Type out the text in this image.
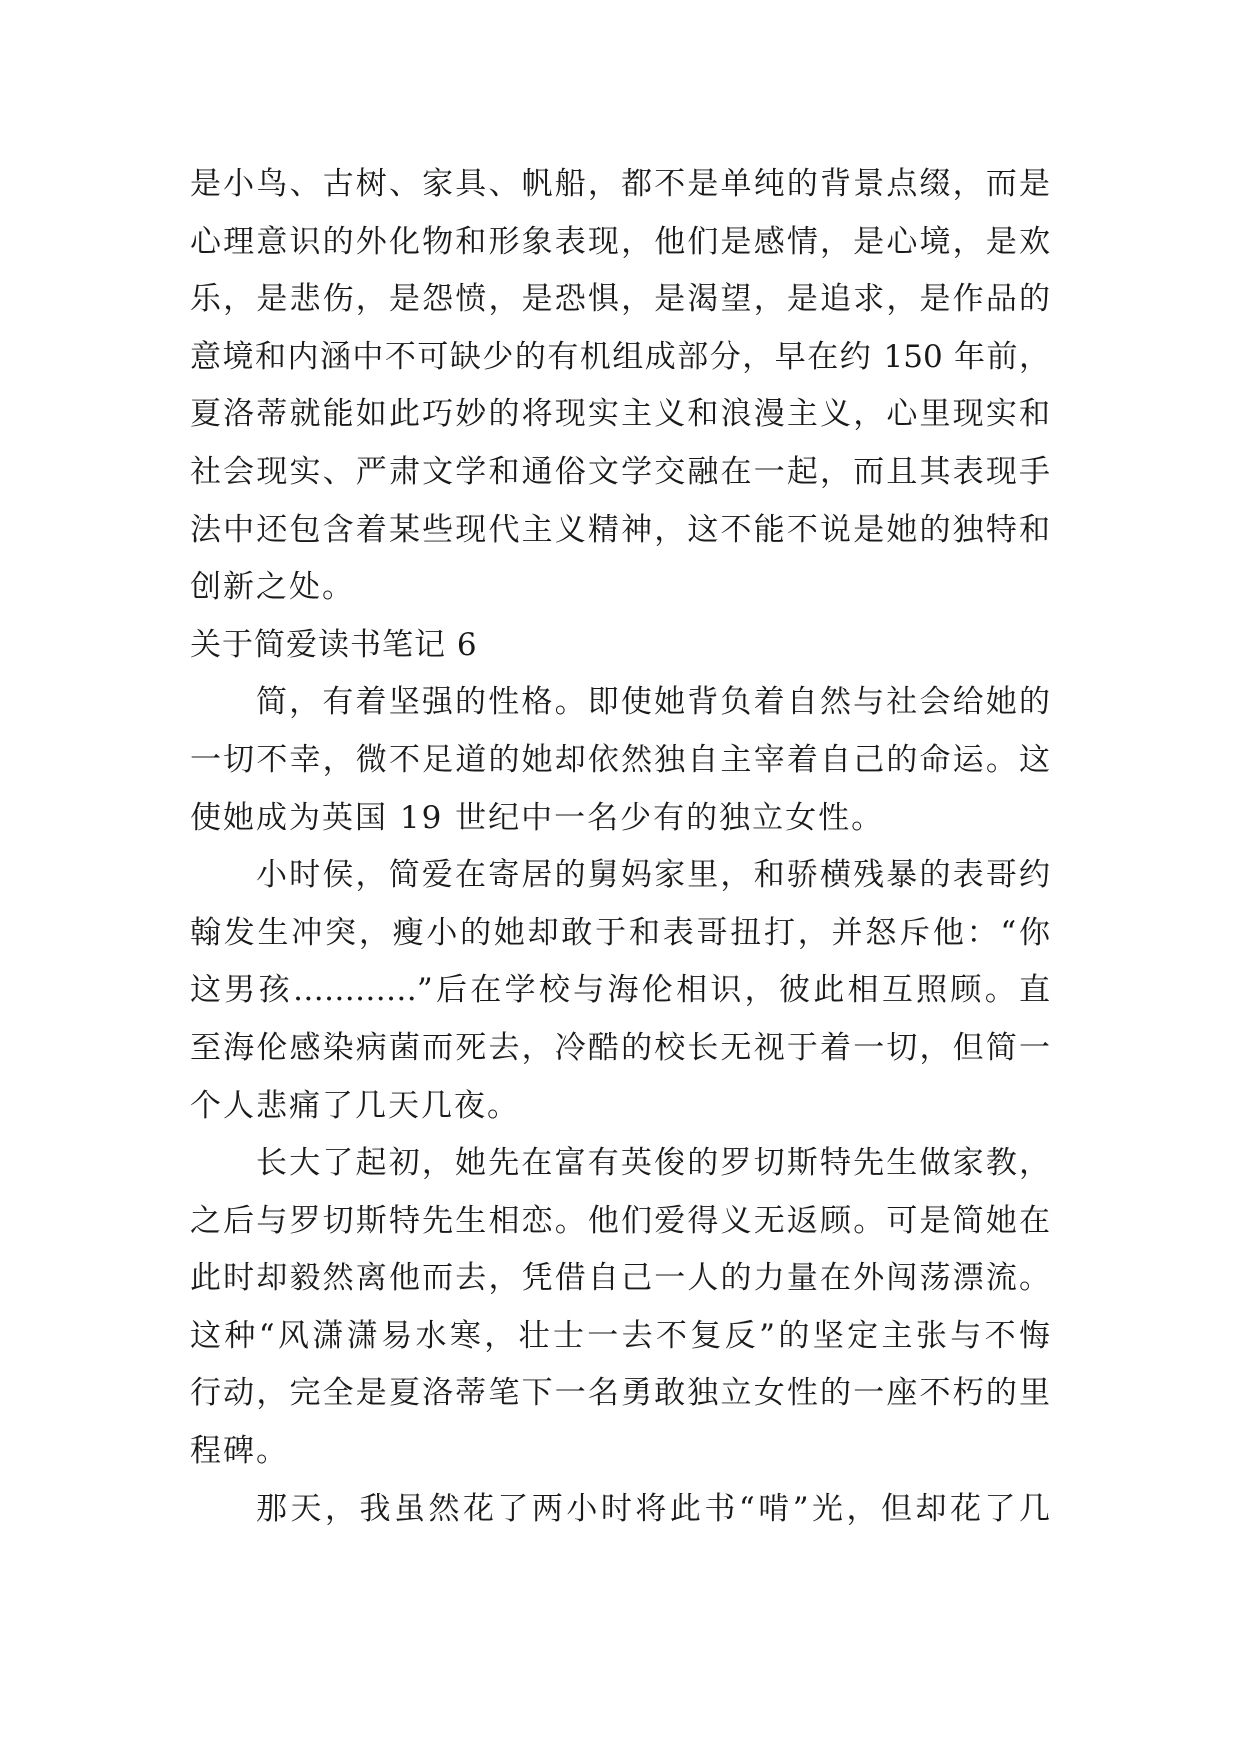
是小鸟、古树、家具、帆船，都不是单纯的背景点缀，而是
心理意识的外化物和形象表现，他们是感情，是心境，是欢
乐，是悲伤，是怨愤，是恐惧，是渴望，是追求，是作品的
意境和内涵中不可缺少的有机组成部分，早在约 150 年前，
夏洛蒂就能如此巧妙的将现实主义和浪漫主义，心里现实和
社会现实、严肃文学和通俗文学交融在一起，而且其表现手
法中还包含着某些现代主义精神，这不能不说是她的独特和
创新之处。
关于简爱读书笔记 6
简，有着坚强的性格。即使她背负着自然与社会给她的
一切不幸，微不足道的她却依然独自主宰着自己的命运。这
使她成为英国 19 世纪中一名少有的独立女性。
小时侯，简爱在寄居的舅妈家里，和骄横残暴的表哥约
翰发生冲突，瘦小的她却敢于和表哥扭打，并怒斥他：“你
这男孩…………”后在学校与海伦相识，彼此相互照顾。直
至海伦感染病菌而死去，冷酷的校长无视于着一切，但简一
个人悲痛了几天几夜。
长大了起初，她先在富有英俊的罗切斯特先生做家教，
之后与罗切斯特先生相恋。他们爱得义无返顾。可是简她在
此时却毅然离他而去，凭借自己一人的力量在外闯荡漂流。
这种“风潇潇易水寒，壮士一去不复反”的坚定主张与不悔
行动，完全是夏洛蒂笔下一名勇敢独立女性的一座不朽的里
程碑。
那天，我虽然花了两小时将此书“啃”光，但却花了几
